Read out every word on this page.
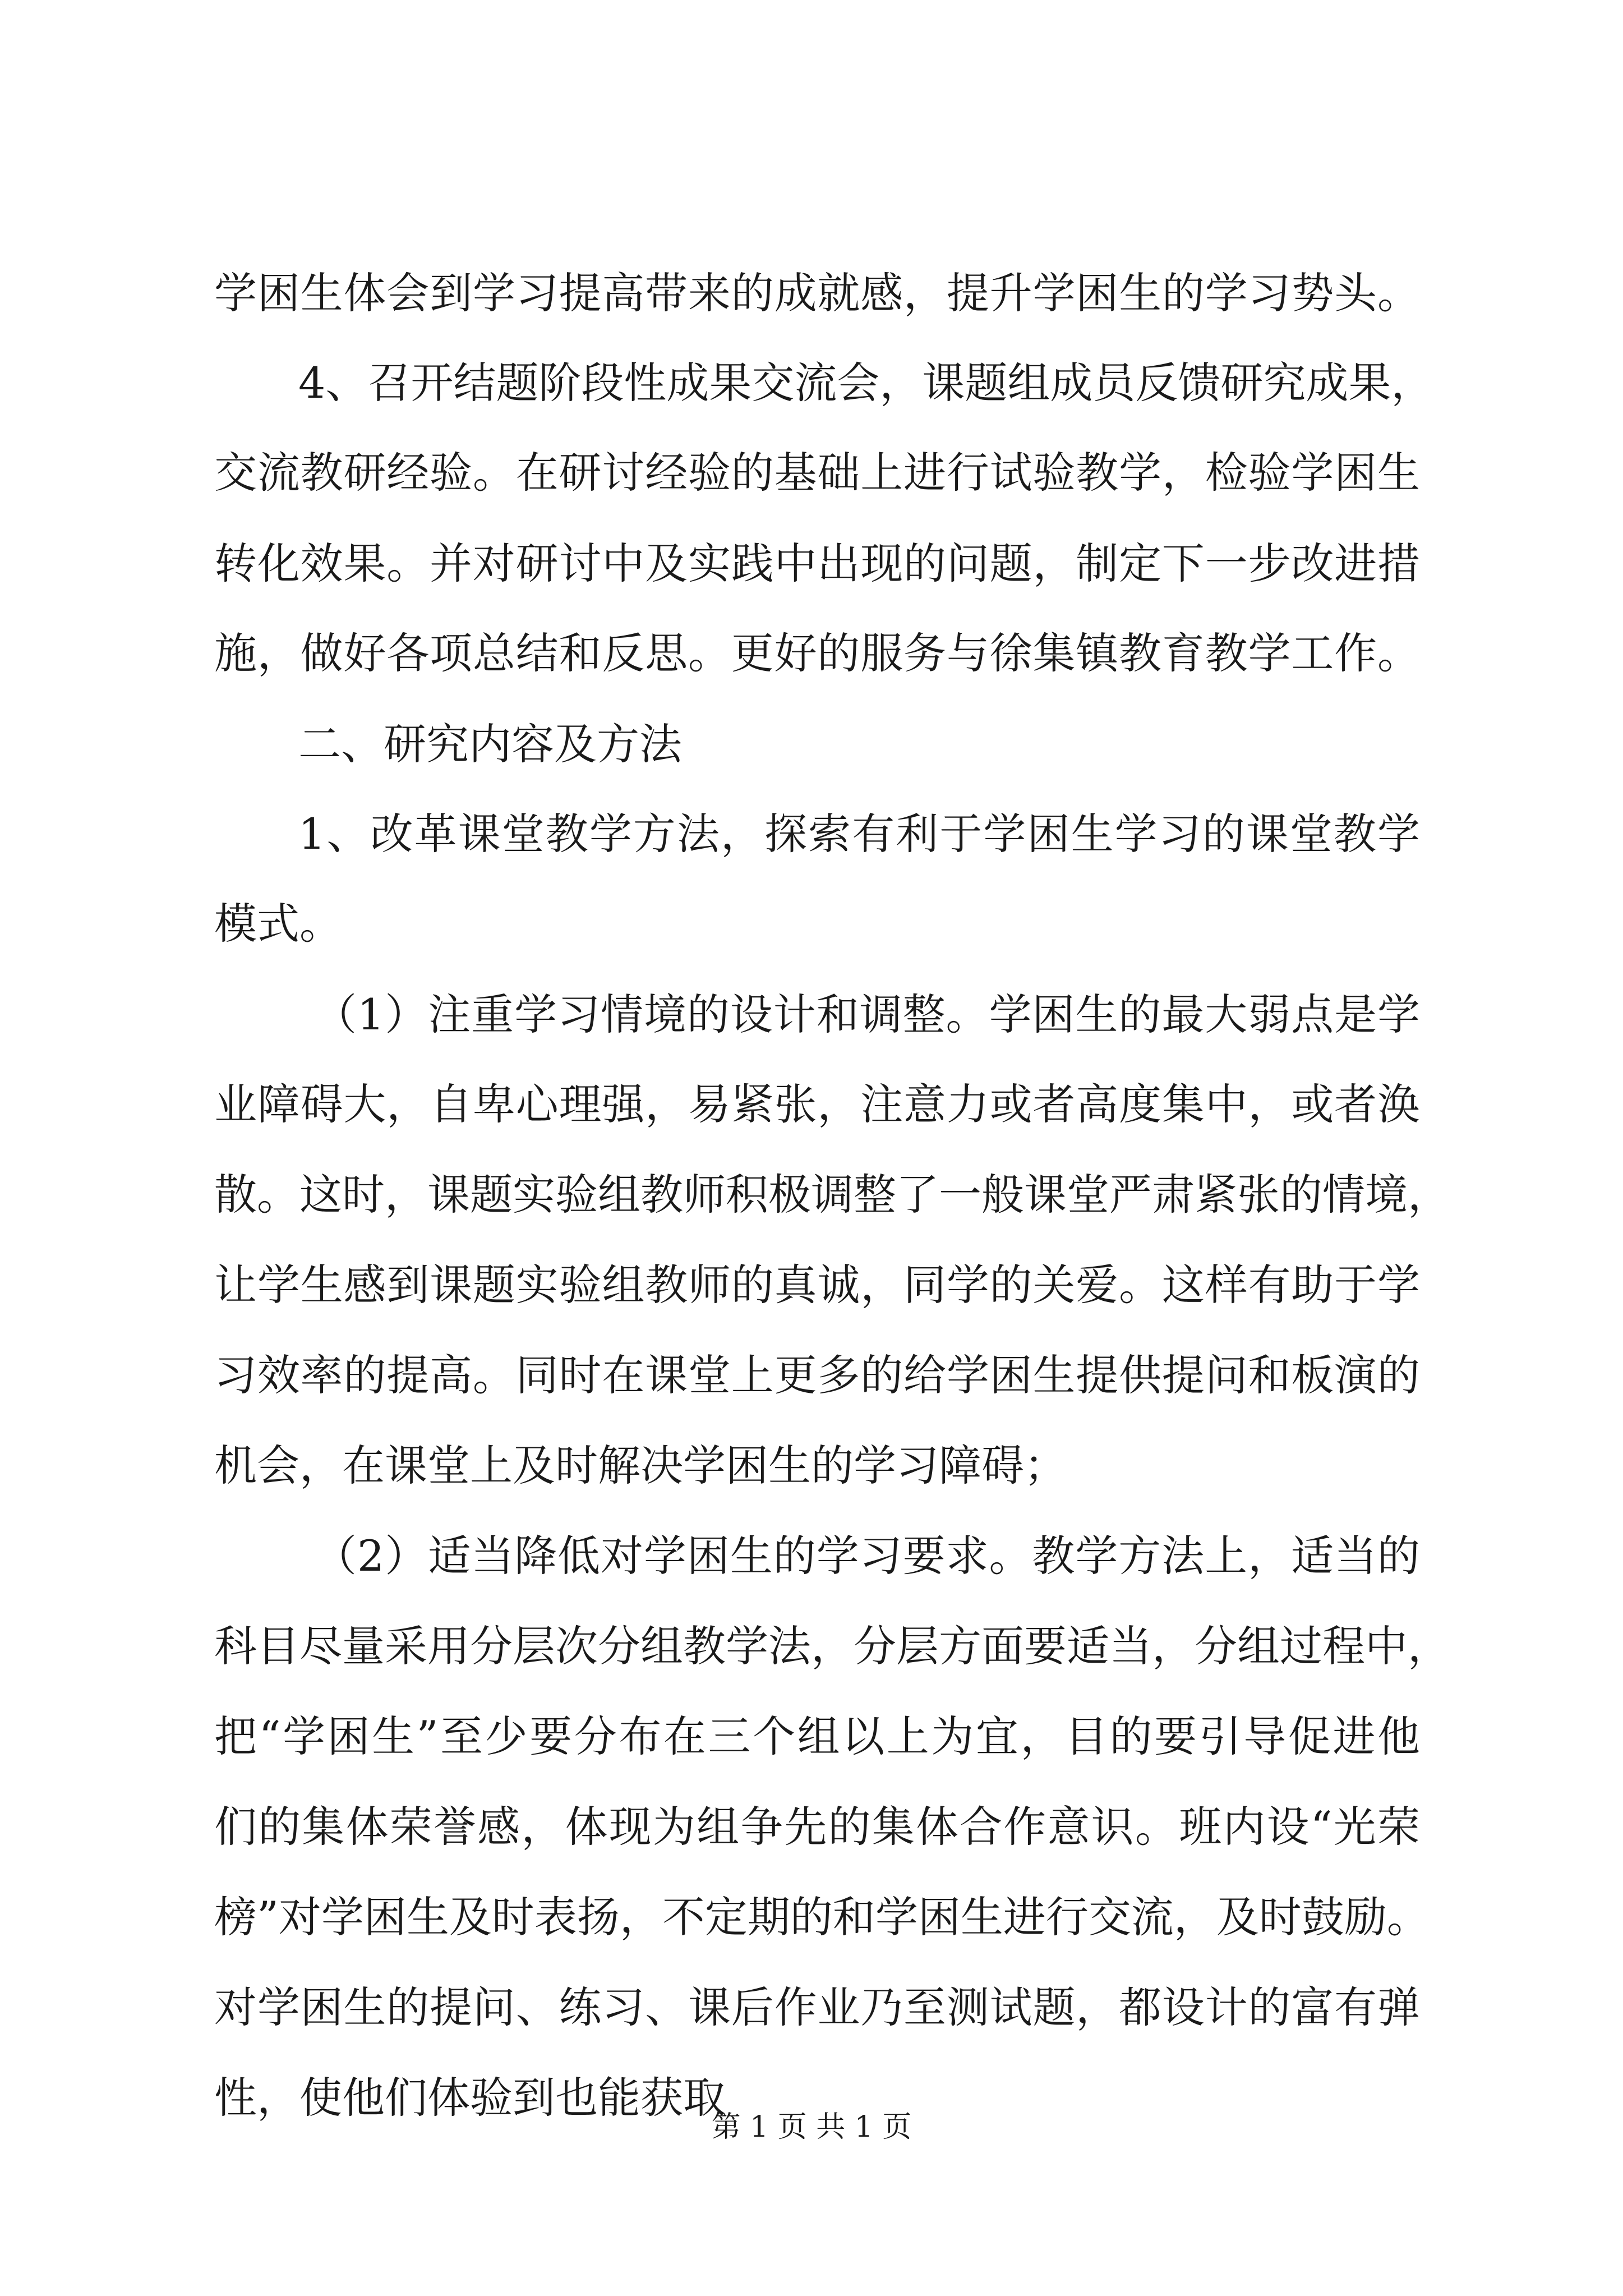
学困生体会到学习提高带来的成就感，提升学困生的学习势头。
4、召开结题阶段性成果交流会，课题组成员反馈研究成果，
交流教研经验。在研讨经验的基础上进行试验教学，检验学困生
转化效果。并对研讨中及实践中出现的问题，制定下一步改进措
施，做好各项总结和反思。更好的服务与徐集镇教育教学工作。
二、研究内容及方法
1、改革课堂教学方法，探索有利于学困生学习的课堂教学
模式。
（1）注重学习情境的设计和调整。学困生的最大弱点是学
业障碍大，自卑心理强，易紧张，注意力或者高度集中，或者涣
散。这时，课题实验组教师积极调整了一般课堂严肃紧张的情境，
让学生感到课题实验组教师的真诚，同学的关爱。这样有助于学
习效率的提高。同时在课堂上更多的给学困生提供提问和板演的
机会，在课堂上及时解决学困生的学习障碍；
（2）适当降低对学困生的学习要求。教学方法上，适当的
科目尽量采用分层次分组教学法，分层方面要适当，分组过程中，
把“学困生”至少要分布在三个组以上为宜，目的要引导促进他
们的集体荣誉感，体现为组争先的集体合作意识。班内设“光荣
榜”对学困生及时表扬，不定期的和学困生进行交流，及时鼓励。
对学困生的提问、练习、课后作业乃至测试题，都设计的富有弹
性，使他们体验到也能获取
第 1 页 共 1 页
